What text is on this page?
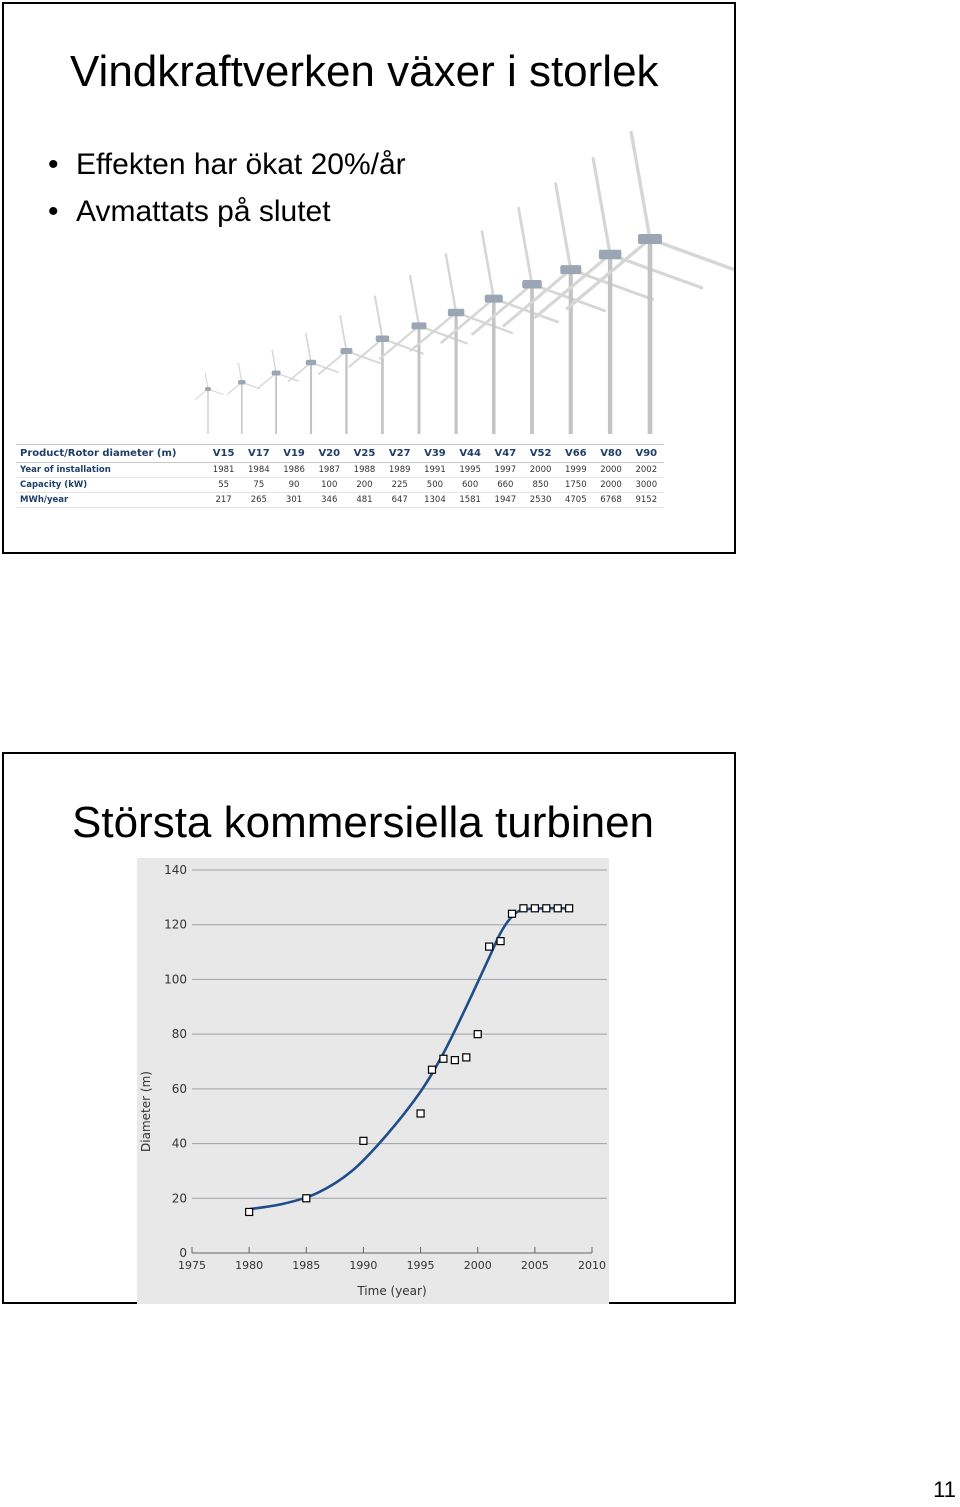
Vindkraftverken växer i storlek
• Effekten har ökat 20%/år
• Avmattats på slutet
Product/Rotor diameter (m)	V15	V17	V19	V20	V25	V27	V39	V44	V47	V52	V66	V80	V90
Year of installation	1981	1984	1986	1987	1988	1989	1991	1995	1997	2000	1999	2000	2002
Capacity (kW)	55	75	90	100	200	225	500	600	660	850	1750	2000	3000
MWh/year	217	265	301	346	481	647	1304	1581	1947	2530	4705	6768	9152
Största kommersiella turbinen
0
20
40
60
80
100
120
140
1975	1980	1985	1990	1995	2000	2005	2010
Time (year)
Diameter (m)
11
